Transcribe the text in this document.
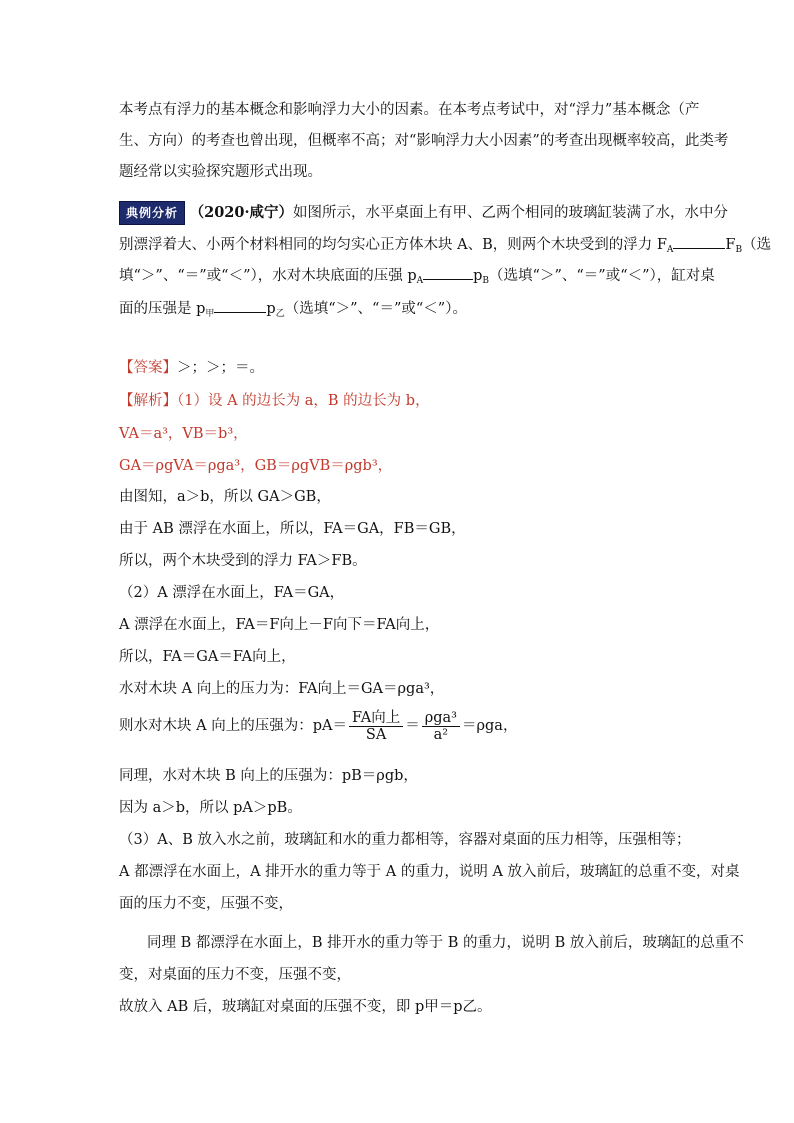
本考点有浮力的基本概念和影响浮力大小的因素。在本考点考试中，对“浮力”基本概念（产
生、方向）的考查也曾出现，但概率不高；对“影响浮力大小因素”的考查出现概率较高，此类考
题经常以实验探究题形式出现。
典例分析 （2020·咸宁）如图所示，水平桌面上有甲、乙两个相同的玻璃缸装满了水，水中分
别漂浮着大、小两个材料相同的均匀实心正方体木块 A、B，则两个木块受到的浮力 $F_A$	$F_B$（选
填“＞”、“＝”或“＜”），水对木块底面的压强 $p_A$	$p_B$（选填“＞”、“＝”或“＜”），缸对桌
面的压强是 $p_甲$	$p_乙$（选填“＞”、“＝”或“＜”）。
【答案】＞；＞；＝。
【解析】（1）设 A 的边长为 a，B 的边长为 b，
VA＝a³，VB＝b³，
GA＝ρgVA＝ρga³，GB＝ρgVB＝ρgb³，
由图知，a＞b，所以 GA＞GB，
由于 AB 漂浮在水面上，所以，FA＝GA，FB＝GB，
所以，两个木块受到的浮力 FA＞FB。
（2）A 漂浮在水面上，FA＝GA，
A 漂浮在水面上，FA＝F向上－F向下＝FA向上，
所以，FA＝GA＝FA向上，
水对木块 A 向上的压力为：FA向上＝GA＝ρga³，
则水对木块 A 向上的压强为：$pA= \frac{\text{FA向上}}{SA} = \frac{\text{ρga³}}{\text{a²}} =\rho ga$，
同理，水对木块 B 向上的压强为：pB＝ρgb，
因为 a＞b，所以 pA＞pB。
（3）A、B 放入水之前，玻璃缸和水的重力都相等，容器对桌面的压力相等，压强相等；
A 都漂浮在水面上，A 排开水的重力等于 A 的重力，说明 A 放入前后，玻璃缸的总重不变，对桌
面的压力不变，压强不变，
同理 B 都漂浮在水面上，B 排开水的重力等于 B 的重力，说明 B 放入前后，玻璃缸的总重不
变，对桌面的压力不变，压强不变，
故放入 AB 后，玻璃缸对桌面的压强不变，即 p甲＝p乙。
